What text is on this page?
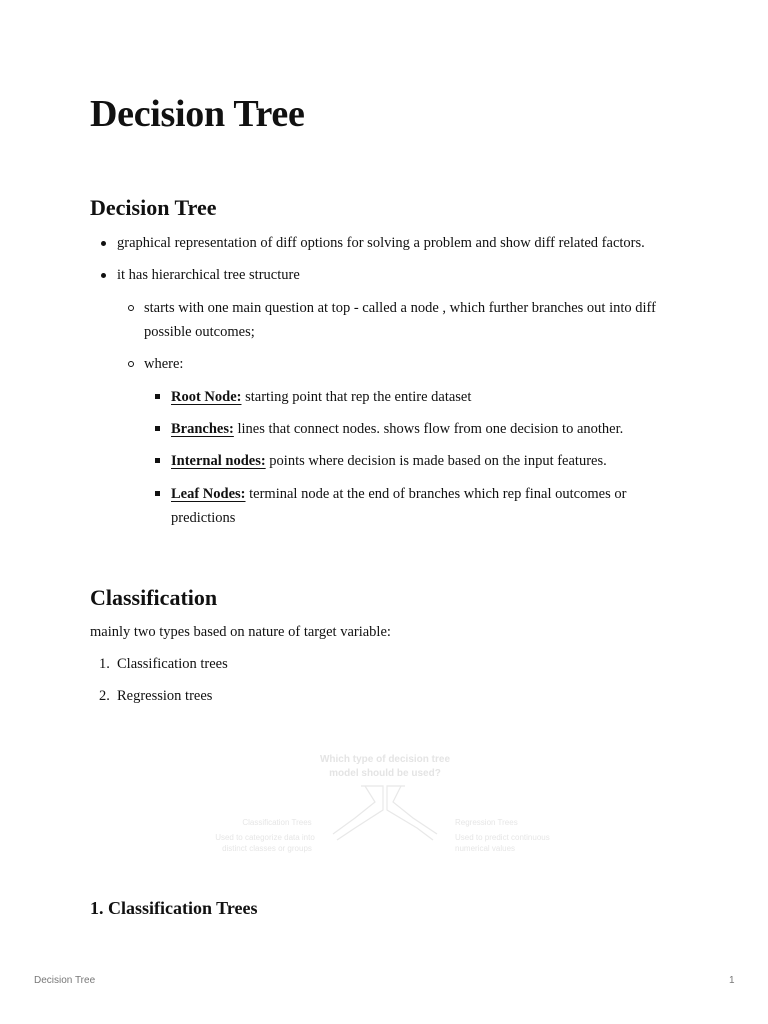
Decision Tree
Decision Tree
graphical representation of diff options for solving a problem and show diff related factors.
it has hierarchical tree structure
starts with one main question at top - called a node , which further branches out into diff
possible outcomes;
where:
Root Node: starting point that rep the entire dataset
Branches: lines that connect nodes. shows flow from one decision to another.
Internal nodes: points where decision is made based on the input features.
Leaf Nodes: terminal node at the end of branches which rep final outcomes or
predictions
Classification
mainly two types based on nature of target variable:
1. Classification trees
2. Regression trees
Which type of decision tree
model should be used?
Classification Trees
Used to categorize data into
distinct classes or groups
Regression Trees
Used to predict continuous
numerical values
1. Classification Trees
Decision Tree	1
